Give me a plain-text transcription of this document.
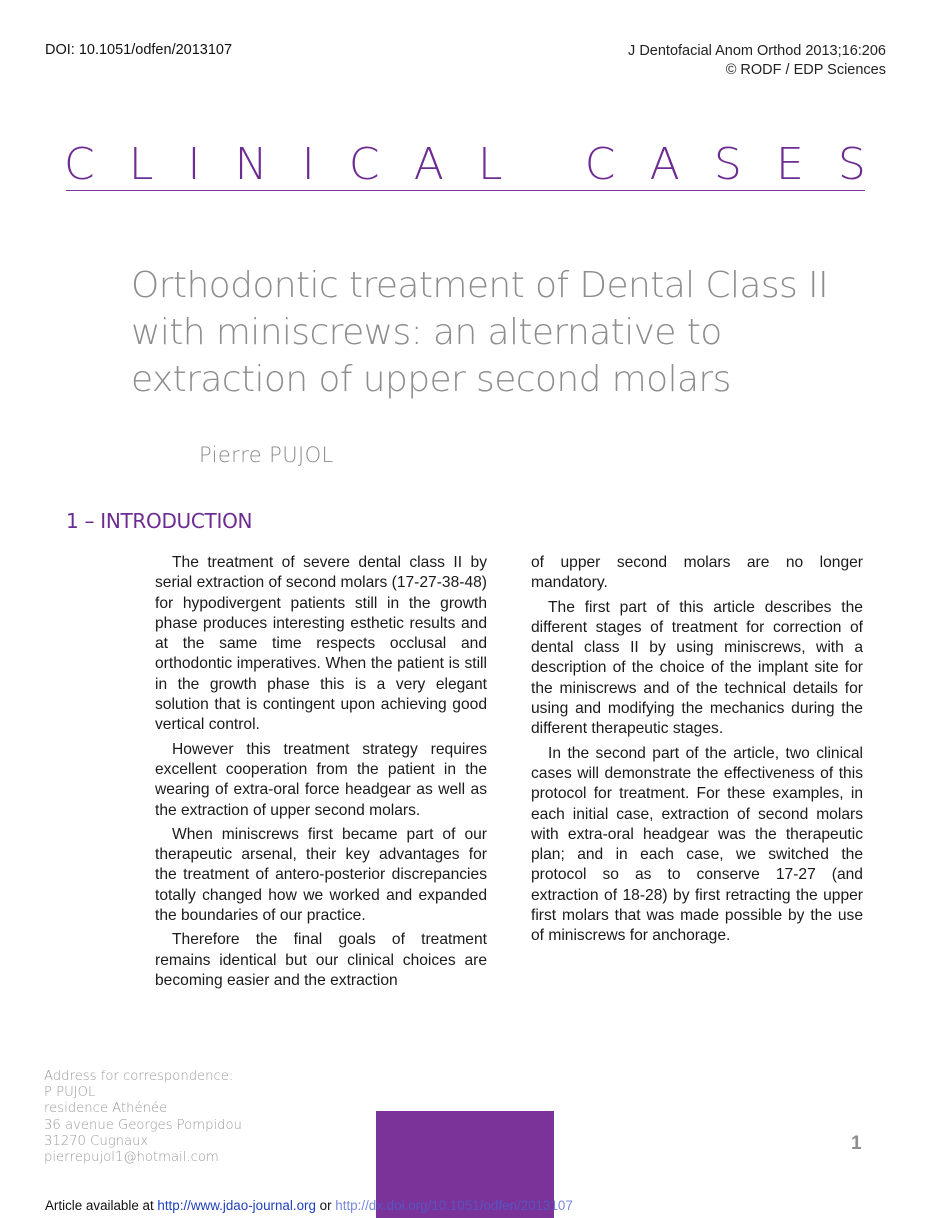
DOI: 10.1051/odfen/2013107	J Dentofacial Anom Orthod 2013;16:206
© RODF / EDP Sciences
C L I N I C A L
C A S E S
Orthodontic treatment of Dental Class II
with miniscrews: an alternative to
extraction of upper second molars
Pierre PUJOL
1 – INTRODUCTION

The treatment of severe dental class II by serial extraction of second molars (17-27-38-48) for hypodivergent patients still in the growth phase produces interesting esthetic results and at the same time respects occlusal and orthodontic imperatives. When the patient is still in the growth phase this is a very elegant solution that is contingent upon achieving good vertical control.

However this treatment strategy requires excellent cooperation from the patient in the wearing of extra-oral force headgear as well as the extraction of upper second molars.

When miniscrews first became part of our therapeutic arsenal, their key advantages for the treatment of antero-posterior discrepancies totally changed how we worked and expanded the boundaries of our practice.

Therefore the final goals of treatment remains identical but our clinical choices are becoming easier and the extraction

of upper second molars are no longer mandatory.

The first part of this article describes the different stages of treatment for correction of dental class II by using miniscrews, with a description of the choice of the implant site for the miniscrews and of the technical details for using and modifying the mechanics during the different therapeutic stages.

In the second part of the article, two clinical cases will demonstrate the effectiveness of this protocol for treatment. For these examples, in each initial case, extraction of second molars with extra-oral headgear was the therapeutic plan; and in each case, we switched the protocol so as to conserve 17-27 (and extraction of 18-28) by first retracting the upper first molars that was made possible by the use of miniscrews for anchorage.

Address for correspondence:
P PUJOL
residence Athénée
36 avenue Georges Pompidou
31270 Cugnaux
pierrepujol1@hotmail.com
1
Article available at http://www.jdao-journal.org or http://dx.doi.org/10.1051/odfen/2013107
